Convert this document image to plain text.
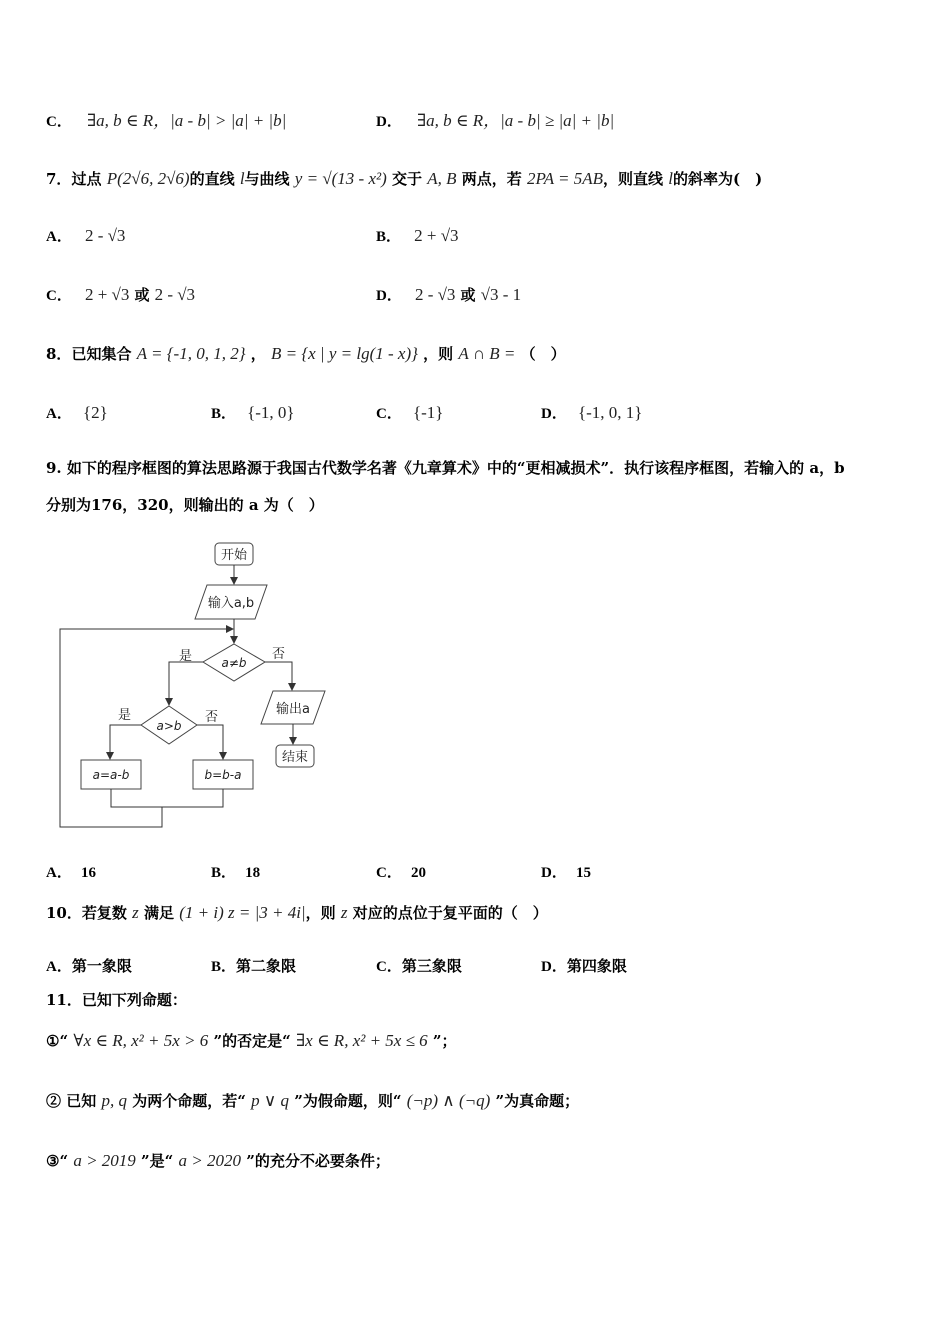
C． ∃a, b ∈ R，|a - b| > |a| + |b|	D． ∃a, b ∈ R，|a - b| ≥ |a| + |b|
7．过点 P(2√6, 2√6)的直线 l与曲线 y = √(13 - x²) 交于 A, B 两点，若 2PA = 5AB，则直线 l的斜率为(　)
A． 2 - √3	B． 2 + √3
C． 2 + √3 或 2 - √3	D． 2 - √3 或 √3 - 1
8．已知集合 A = {-1, 0, 1, 2} ， B = {x | y = lg(1 - x)} ，则 A ∩ B = （　）
A． {2}	B． {-1, 0}	C． {-1}	D． {-1, 0, 1}
9. 如下的程序框图的算法思路源于我国古代数学名著《九章算术》中的“更相减损术”．执行该程序框图，若输入的 a，b
分别为176，320，则输出的 a 为（　）
开始
输入a,b
a≠b
是	否
输出a
结束
a>b
是	否
a=a-b	b=b-a
A． 16	B． 18	C． 20	D． 15
10．若复数 z 满足 (1 + i) z = |3 + 4i|，则 z 对应的点位于复平面的（　）
A．第一象限	B．第二象限	C．第三象限	D．第四象限
11．已知下列命题：
①“ ∀x ∈ R, x² + 5x > 6 ”的否定是“ ∃x ∈ R, x² + 5x ≤ 6 ”；
② 已知 p, q 为两个命题，若“ p ∨ q ”为假命题，则“ (¬p) ∧ (¬q) ”为真命题；
③“ a > 2019 ”是“ a > 2020 ”的充分不必要条件；
